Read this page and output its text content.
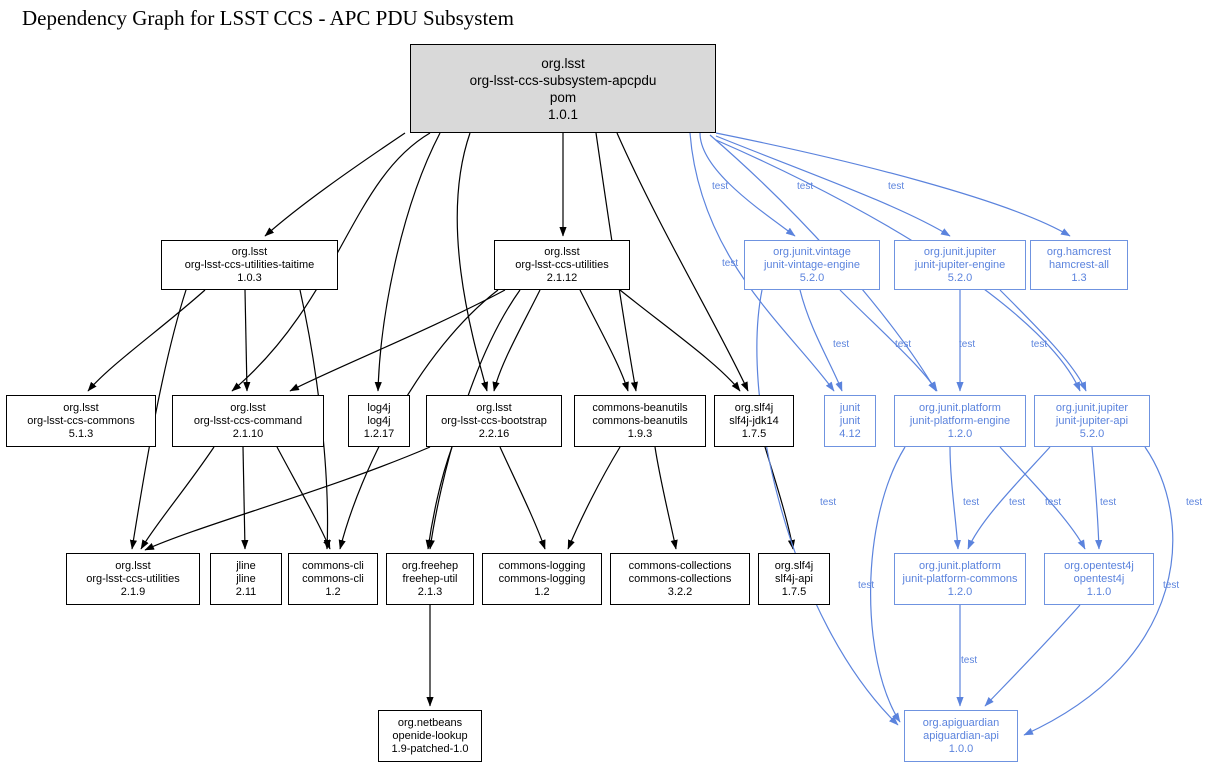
Dependency Graph for LSST CCS - APC PDU Subsystem
org.lsst
org-lsst-ccs-subsystem-apcpdu
pom
1.0.1
org.lsst
org-lsst-ccs-utilities-taitime
1.0.3
org.lsst
org-lsst-ccs-utilities
2.1.12
org.junit.vintage
junit-vintage-engine
5.2.0
org.junit.jupiter
junit-jupiter-engine
5.2.0
org.hamcrest
hamcrest-all
1.3
org.lsst
org-lsst-ccs-commons
5.1.3
org.lsst
org-lsst-ccs-command
2.1.10
log4j
log4j
1.2.17
org.lsst
org-lsst-ccs-bootstrap
2.2.16
commons-beanutils
commons-beanutils
1.9.3
org.slf4j
slf4j-jdk14
1.7.5
junit
junit
4.12
org.junit.platform
junit-platform-engine
1.2.0
org.junit.jupiter
junit-jupiter-api
5.2.0
org.lsst
org-lsst-ccs-utilities
2.1.9
jline
jline
2.11
commons-cli
commons-cli
1.2
org.freehep
freehep-util
2.1.3
commons-logging
commons-logging
1.2
commons-collections
commons-collections
3.2.2
org.slf4j
slf4j-api
1.7.5
org.junit.platform
junit-platform-commons
1.2.0
org.opentest4j
opentest4j
1.1.0
org.netbeans
openide-lookup
1.9-patched-1.0
org.apiguardian
apiguardian-api
1.0.0
test	test	test
test
test	test	test	test
test	test	test test	test	test
test	test
test
